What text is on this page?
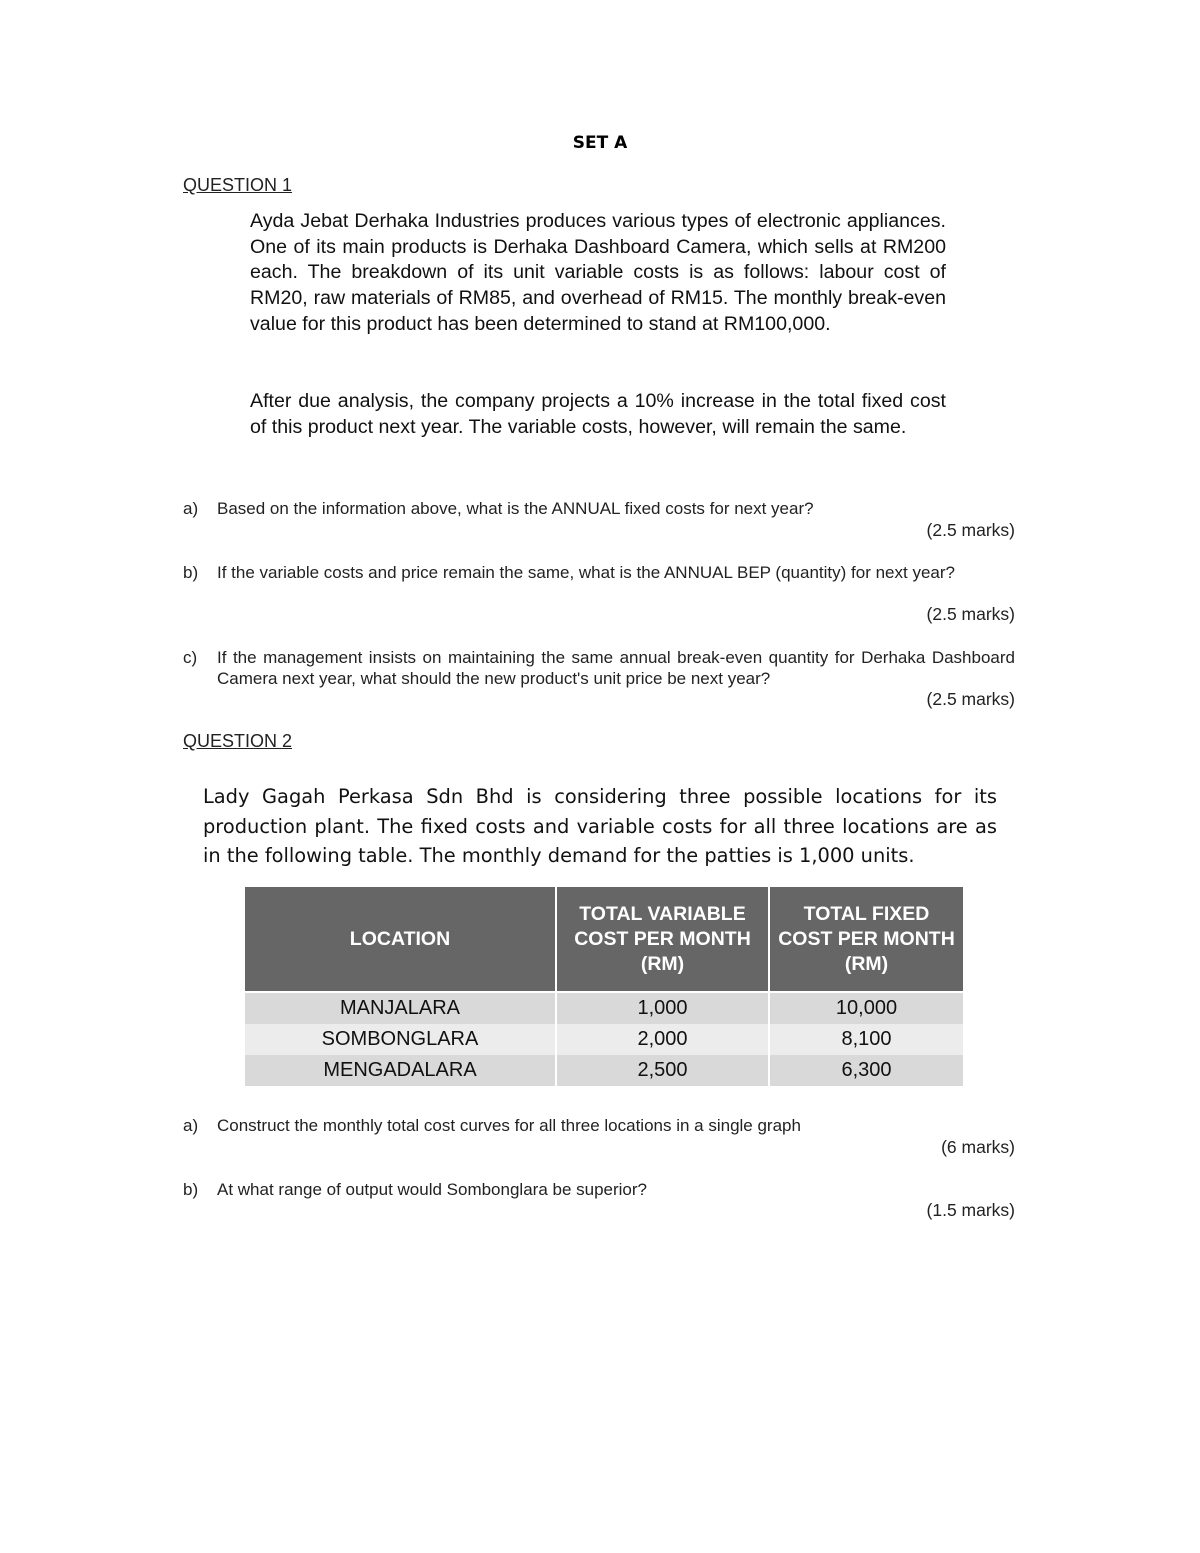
SET A
QUESTION 1
Ayda Jebat Derhaka Industries produces various types of electronic appliances. One of its main products is Derhaka Dashboard Camera, which sells at RM200 each. The breakdown of its unit variable costs is as follows: labour cost of RM20, raw materials of RM85, and overhead of RM15. The monthly break-even value for this product has been determined to stand at RM100,000.
After due analysis, the company projects a 10% increase in the total fixed cost of this product next year. The variable costs, however, will remain the same.
a) Based on the information above, what is the ANNUAL fixed costs for next year?
(2.5 marks)
b) If the variable costs and price remain the same, what is the ANNUAL BEP (quantity) for next year?
(2.5 marks)
c) If the management insists on maintaining the same annual break-even quantity for Derhaka Dashboard Camera next year, what should the new product's unit price be next year?
(2.5 marks)
QUESTION 2
Lady Gagah Perkasa Sdn Bhd is considering three possible locations for its production plant. The fixed costs and variable costs for all three locations are as in the following table. The monthly demand for the patties is 1,000 units.
LOCATION	TOTAL VARIABLE COST PER MONTH (RM)	TOTAL FIXED COST PER MONTH (RM)
MANJALARA	1,000	10,000
SOMBONGLARA	2,000	8,100
MENGADALARA	2,500	6,300
a) Construct the monthly total cost curves for all three locations in a single graph
(6 marks)
b) At what range of output would Sombonglara be superior?
(1.5 marks)
